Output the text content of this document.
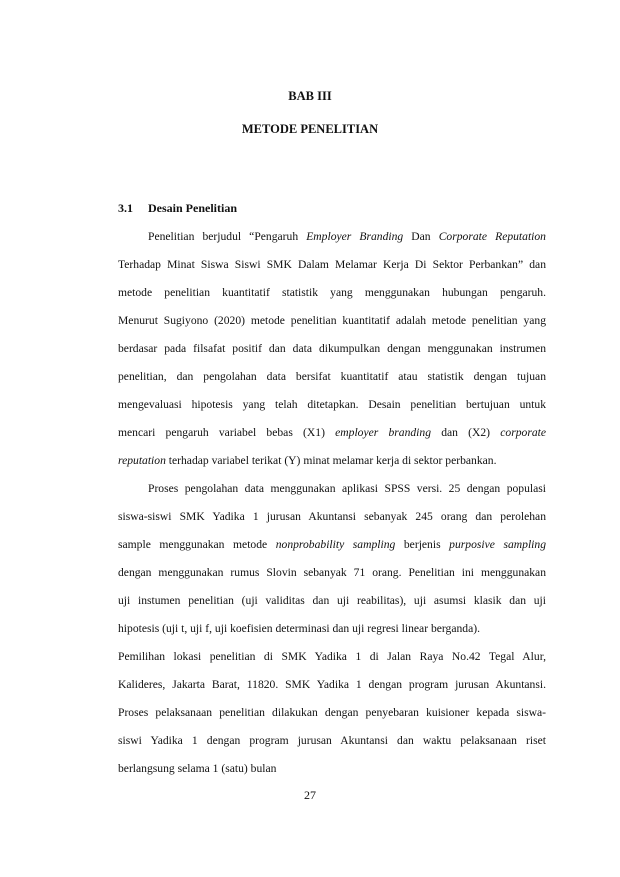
BAB III
METODE PENELITIAN
3.1 Desain Penelitian

Penelitian berjudul “Pengaruh Employer Branding Dan Corporate Reputation

Terhadap Minat Siswa Siswi SMK Dalam Melamar Kerja Di Sektor Perbankan” dan

metode penelitian kuantitatif statistik yang menggunakan hubungan pengaruh.

Menurut Sugiyono (2020) metode penelitian kuantitatif adalah metode penelitian yang

berdasar pada filsafat positif dan data dikumpulkan dengan menggunakan instrumen

penelitian, dan pengolahan data bersifat kuantitatif atau statistik dengan tujuan

mengevaluasi hipotesis yang telah ditetapkan. Desain penelitian bertujuan untuk

mencari pengaruh variabel bebas (X1) employer branding dan (X2) corporate

reputation terhadap variabel terikat (Y) minat melamar kerja di sektor perbankan.

Proses pengolahan data menggunakan aplikasi SPSS versi. 25 dengan populasi

siswa-siswi SMK Yadika 1 jurusan Akuntansi sebanyak 245 orang dan perolehan

sample menggunakan metode nonprobability sampling berjenis purposive sampling

dengan menggunakan rumus Slovin sebanyak 71 orang. Penelitian ini menggunakan

uji instumen penelitian (uji validitas dan uji reabilitas), uji asumsi klasik dan uji

hipotesis (uji t, uji f, uji koefisien determinasi dan uji regresi linear berganda).

Pemilihan lokasi penelitian di SMK Yadika 1 di Jalan Raya No.42 Tegal Alur,

Kalideres, Jakarta Barat, 11820. SMK Yadika 1 dengan program jurusan Akuntansi.

Proses pelaksanaan penelitian dilakukan dengan penyebaran kuisioner kepada siswa-

siswi Yadika 1 dengan program jurusan Akuntansi dan waktu pelaksanaan riset

berlangsung selama 1 (satu) bulan

27
